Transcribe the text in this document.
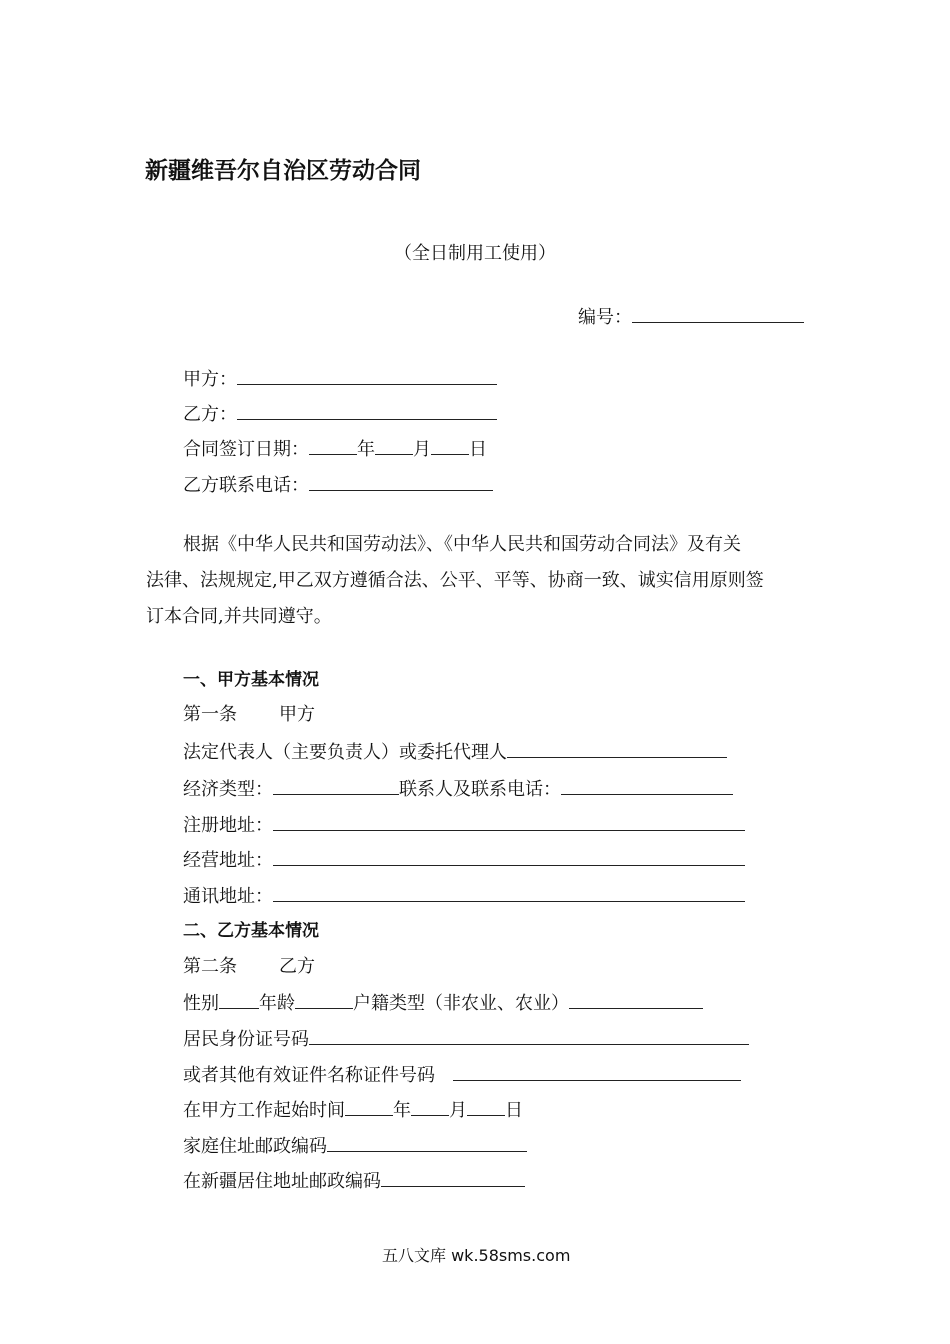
新疆维吾尔自治区劳动合同
（全日制用工使用）
编号：
甲方：
乙方：
合同签订日期：	年 月 日
乙方联系电话：
根据《中华人民共和国劳动法》、《中华人民共和国劳动合同法》及有关
法律、法规规定,甲乙双方遵循合法、公平、平等、协商一致、诚实信用原则签
订本合同,并共同遵守。
一、甲方基本情况
第一条 甲方
法定代表人（主要负责人）或委托代理人
经济类型：	联系人及联系电话：
注册地址：
经营地址：
通讯地址：
二、乙方基本情况
第二条 乙方
性别 年龄	户籍类型（非农业、农业）
居民身份证号码
或者其他有效证件名称证件号码
在甲方工作起始时间	年 月 日
家庭住址邮政编码
在新疆居住地址邮政编码
五八文库 wk.58sms.com
